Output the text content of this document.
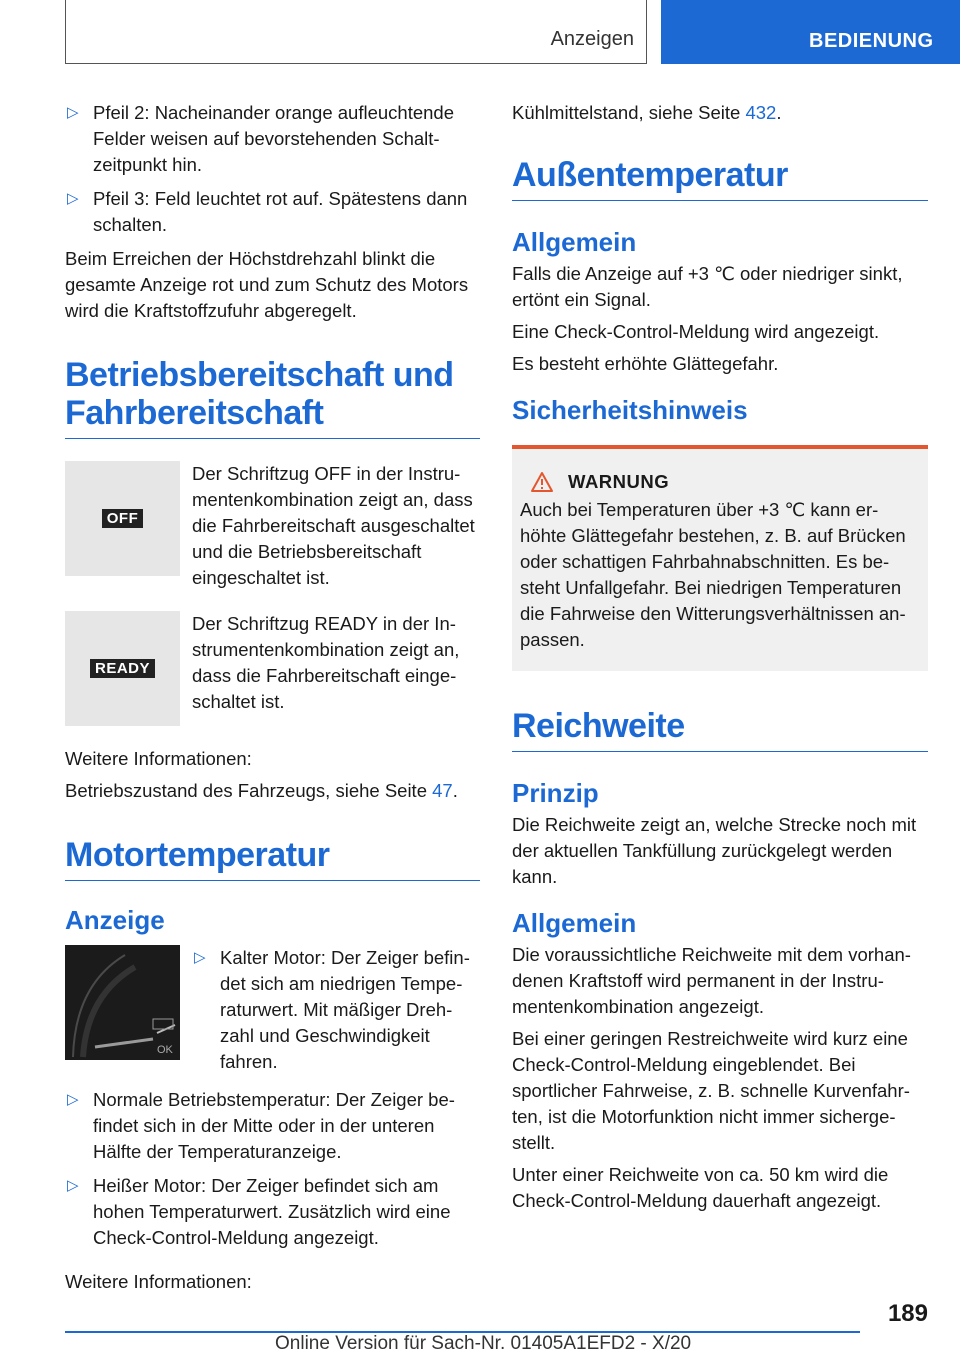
Anzeigen	BEDIENUNG
▷ Pfeil 2: Nacheinander orange aufleuchtende Felder weisen auf bevorstehenden Schaltzeitpunkt hin.
▷ Pfeil 3: Feld leuchtet rot auf. Spätestens dann schalten.

Beim Erreichen der Höchstdrehzahl blinkt die gesamte Anzeige rot und zum Schutz des Motors wird die Kraftstoffzufuhr abgeregelt.

Betriebsbereitschaft und Fahrbereitschaft
OFF
Der Schriftzug OFF in der Instrumentenkombination zeigt an, dass die Fahrbereitschaft ausgeschaltet und die Betriebsbereitschaft eingeschaltet ist.
READY
Der Schriftzug READY in der Instrumentenkombination zeigt an, dass die Fahrbereitschaft eingeschaltet ist.

Weitere Informationen:

Betriebszustand des Fahrzeugs, siehe Seite 47.

Motortemperatur
Anzeige
OK
▷ Kalter Motor: Der Zeiger befindet sich am niedrigen Temperaturwert. Mit mäßiger Drehzahl und Geschwindigkeit fahren.
▷ Normale Betriebstemperatur: Der Zeiger befindet sich in der Mitte oder in der unteren Hälfte der Temperaturanzeige.
▷ Heißer Motor: Der Zeiger befindet sich am hohen Temperaturwert. Zusätzlich wird eine Check-Control-Meldung angezeigt.

Weitere Informationen:

Kühlmittelstand, siehe Seite 432.

Außentemperatur
Allgemein

Falls die Anzeige auf +3 ℃ oder niedriger sinkt, ertönt ein Signal.

Eine Check-Control-Meldung wird angezeigt.

Es besteht erhöhte Glättegefahr.

Sicherheitshinweis
WARNUNG
Auch bei Temperaturen über +3 ℃ kann erhöhte Glättegefahr bestehen, z. B. auf Brücken oder schattigen Fahrbahnabschnitten. Es besteht Unfallgefahr. Bei niedrigen Temperaturen die Fahrweise den Witterungsverhältnissen anpassen.
Reichweite
Prinzip

Die Reichweite zeigt an, welche Strecke noch mit der aktuellen Tankfüllung zurückgelegt werden kann.

Allgemein

Die voraussichtliche Reichweite mit dem vorhandenen Kraftstoff wird permanent in der Instrumentenkombination angezeigt.

Bei einer geringen Restreichweite wird kurz eine Check-Control-Meldung eingeblendet. Bei sportlicher Fahrweise, z. B. schnelle Kurvenfahrten, ist die Motorfunktion nicht immer sichergestellt.

Unter einer Reichweite von ca. 50 km wird die Check-Control-Meldung dauerhaft angezeigt.

189
Online Version für Sach-Nr. 01405A1EFD2 - X/20
